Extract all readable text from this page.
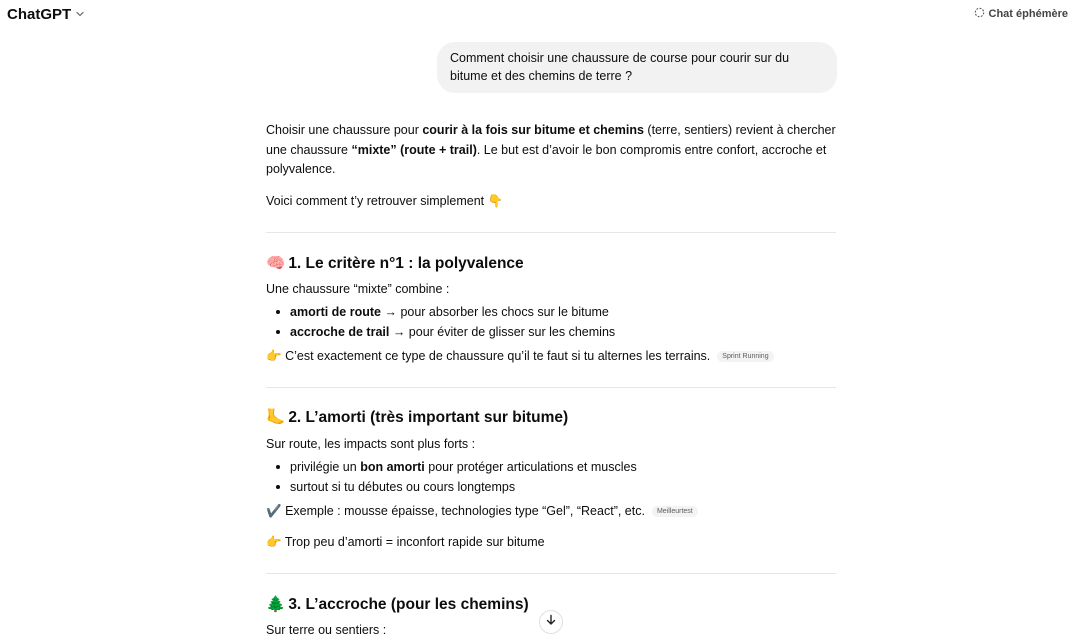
ChatGPT	Chat éphémère
Comment choisir une chaussure de course pour courir sur du bitume et des chemins de terre ?

Choisir une chaussure pour courir à la fois sur bitume et chemins (terre, sentiers) revient à chercher une chaussure “mixte” (route + trail). Le but est d’avoir le bon compromis entre confort, accroche et polyvalence.

Voici comment t’y retrouver simplement 👇

🧠 1. Le critère n°1 : la polyvalence
Une chaussure “mixte” combine :
amorti de route → pour absorber les chocs sur le bitume
accroche de trail → pour éviter de glisser sur les chemins
👉 C’est exactement ce type de chaussure qu’il te faut si tu alternes les terrains. Sprint Running
🦶 2. L’amorti (très important sur bitume)
Sur route, les impacts sont plus forts :
privilégie un bon amorti pour protéger articulations et muscles
surtout si tu débutes ou cours longtemps
✔️ Exemple : mousse épaisse, technologies type “Gel”, “React”, etc. Meilleurtest
👉 Trop peu d’amorti = inconfort rapide sur bitume
🌲 3. L’accroche (pour les chemins)
Sur terre ou sentiers :
